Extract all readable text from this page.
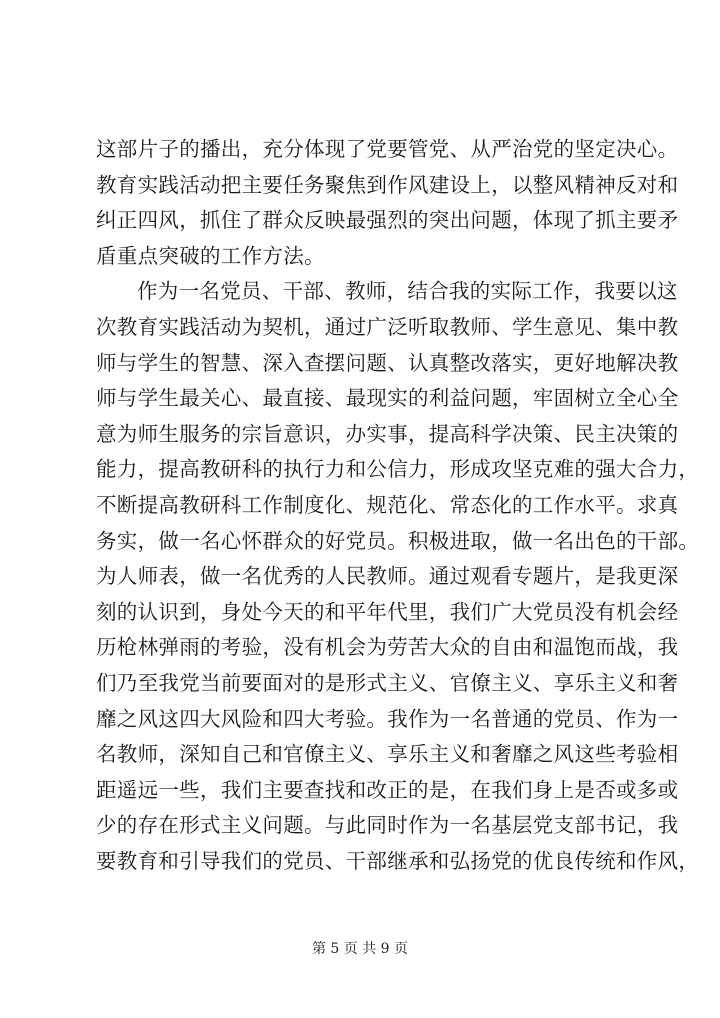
这部片子的播出，充分体现了党要管党、从严治党的坚定决心。
教育实践活动把主要任务聚焦到作风建设上，以整风精神反对和
纠正四风，抓住了群众反映最强烈的突出问题，体现了抓主要矛
盾重点突破的工作方法。
作为一名党员、干部、教师，结合我的实际工作，我要以这
次教育实践活动为契机，通过广泛听取教师、学生意见、集中教
师与学生的智慧、深入查摆问题、认真整改落实，更好地解决教
师与学生最关心、最直接、最现实的利益问题，牢固树立全心全
意为师生服务的宗旨意识，办实事，提高科学决策、民主决策的
能力，提高教研科的执行力和公信力，形成攻坚克难的强大合力，
不断提高教研科工作制度化、规范化、常态化的工作水平。求真
务实，做一名心怀群众的好党员。积极进取，做一名出色的干部。
为人师表，做一名优秀的人民教师。通过观看专题片，是我更深
刻的认识到，身处今天的和平年代里，我们广大党员没有机会经
历枪林弹雨的考验，没有机会为劳苦大众的自由和温饱而战，我
们乃至我党当前要面对的是形式主义、官僚主义、享乐主义和奢
靡之风这四大风险和四大考验。我作为一名普通的党员、作为一
名教师，深知自己和官僚主义、享乐主义和奢靡之风这些考验相
距遥远一些，我们主要查找和改正的是，在我们身上是否或多或
少的存在形式主义问题。与此同时作为一名基层党支部书记，我
要教育和引导我们的党员、干部继承和弘扬党的优良传统和作风，
第 5 页 共 9 页
